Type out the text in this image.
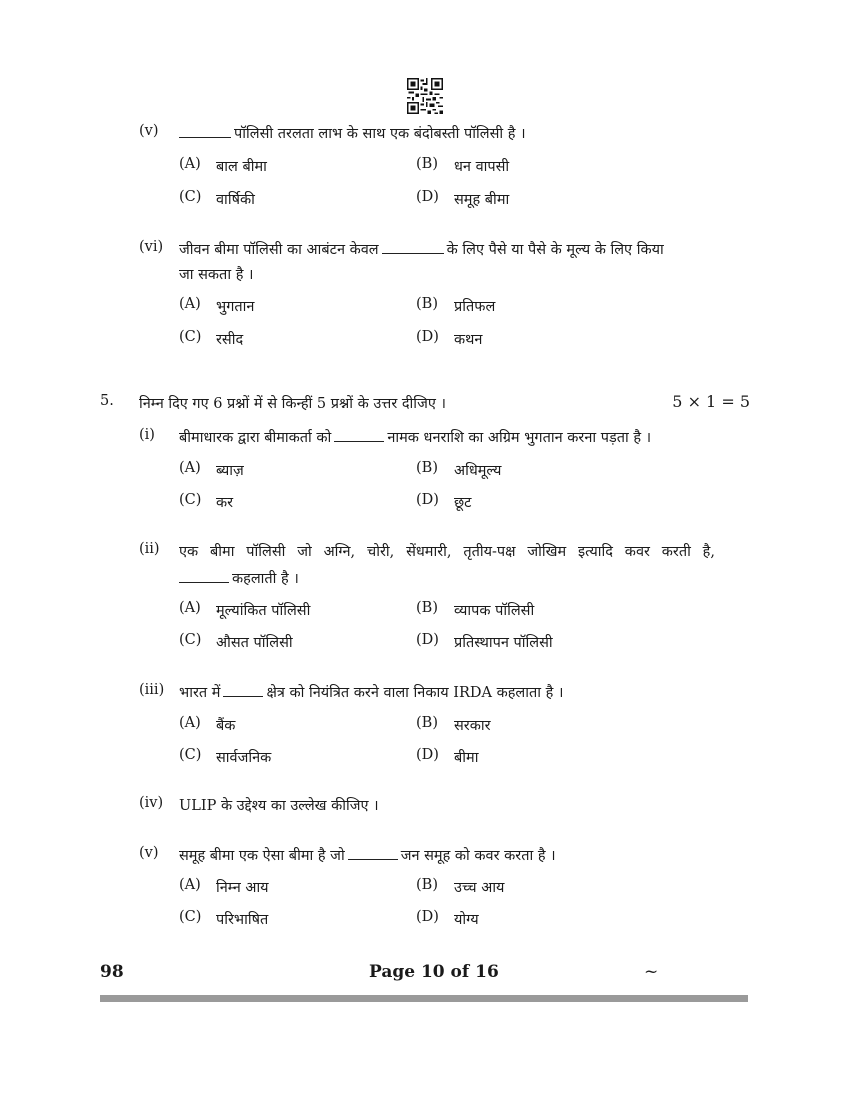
(v)	पॉलिसी तरलता लाभ के साथ एक बंदोबस्ती पॉलिसी है ।
(A) बाल बीमा	(B) धन वापसी
(C) वार्षिकी	(D) समूह बीमा
(vi) जीवन बीमा पॉलिसी का आबंटन केवल	के लिए पैसे या पैसे के मूल्य के लिए किया
जा सकता है ।
(A) भुगतान	(B) प्रतिफल
(C) रसीद	(D) कथन
5. निम्न दिए गए 6 प्रश्नों में से किन्हीं 5 प्रश्नों के उत्तर दीजिए ।	5 × 1 = 5
(i) बीमाधारक द्वारा बीमाकर्ता को	नामक धनराशि का अग्रिम भुगतान करना पड़ता है ।
(A) ब्याज़	(B) अधिमूल्य
(C) कर	(D) छूट
(ii) एक बीमा पॉलिसी जो अग्नि, चोरी, सेंधमारी, तृतीय-पक्ष जोखिम इत्यादि कवर करती है,
कहलाती है ।
(A) मूल्यांकित पॉलिसी	(B) व्यापक पॉलिसी
(C) औसत पॉलिसी	(D) प्रतिस्थापन पॉलिसी
(iii) भारत में	क्षेत्र को नियंत्रित करने वाला निकाय IRDA कहलाता है ।
(A) बैंक	(B) सरकार
(C) सार्वजनिक	(D) बीमा
(iv) ULIP के उद्देश्य का उल्लेख कीजिए ।
(v) समूह बीमा एक ऐसा बीमा है जो	जन समूह को कवर करता है ।
(A) निम्न आय	(B) उच्च आय
(C) परिभाषित	(D) योग्य
98	Page 10 of 16	~
